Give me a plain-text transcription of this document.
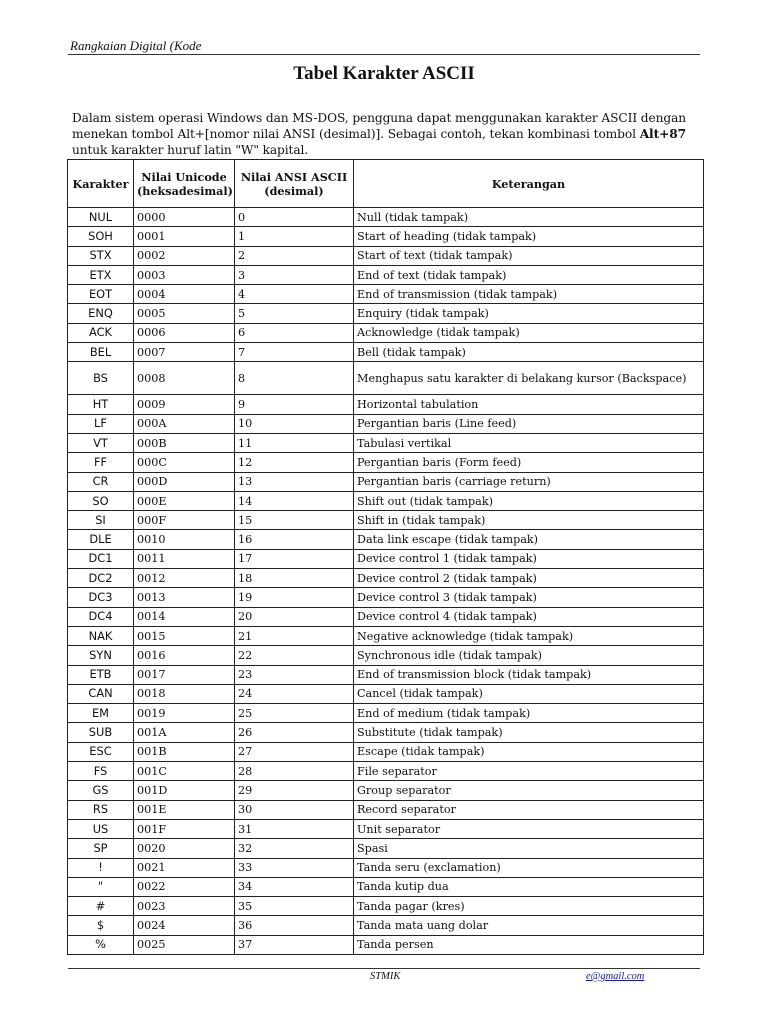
Rangkaian Digital (Kode
Tabel Karakter ASCII

Dalam sistem operasi Windows dan MS-DOS, pengguna dapat menggunakan karakter ASCII dengan menekan tombol Alt+[nomor nilai ANSI (desimal)]. Sebagai contoh, tekan kombinasi tombol Alt+87 untuk karakter huruf latin "W" kapital.

Karakter	Nilai Unicode (heksadesimal)	Nilai ANSI ASCII (desimal)	Keterangan
NUL	0000	0	Null (tidak tampak)
SOH	0001	1	Start of heading (tidak tampak)
STX	0002	2	Start of text (tidak tampak)
ETX	0003	3	End of text (tidak tampak)
EOT	0004	4	End of transmission (tidak tampak)
ENQ	0005	5	Enquiry (tidak tampak)
ACK	0006	6	Acknowledge (tidak tampak)
BEL	0007	7	Bell (tidak tampak)
BS	0008	8	Menghapus satu karakter di belakang kursor (Backspace)
HT	0009	9	Horizontal tabulation
LF	000A	10	Pergantian baris (Line feed)
VT	000B	11	Tabulasi vertikal
FF	000C	12	Pergantian baris (Form feed)
CR	000D	13	Pergantian baris (carriage return)
SO	000E	14	Shift out (tidak tampak)
SI	000F	15	Shift in (tidak tampak)
DLE	0010	16	Data link escape (tidak tampak)
DC1	0011	17	Device control 1 (tidak tampak)
DC2	0012	18	Device control 2 (tidak tampak)
DC3	0013	19	Device control 3 (tidak tampak)
DC4	0014	20	Device control 4 (tidak tampak)
NAK	0015	21	Negative acknowledge (tidak tampak)
SYN	0016	22	Synchronous idle (tidak tampak)
ETB	0017	23	End of transmission block (tidak tampak)
CAN	0018	24	Cancel (tidak tampak)
EM	0019	25	End of medium (tidak tampak)
SUB	001A	26	Substitute (tidak tampak)
ESC	001B	27	Escape (tidak tampak)
FS	001C	28	File separator
GS	001D	29	Group separator
RS	001E	30	Record separator
US	001F	31	Unit separator
SP	0020	32	Spasi
!	0021	33	Tanda seru (exclamation)
"	0022	34	Tanda kutip dua
#	0023	35	Tanda pagar (kres)
$	0024	36	Tanda mata uang dolar
%	0025	37	Tanda persen
STMIK	e@gmail.com
